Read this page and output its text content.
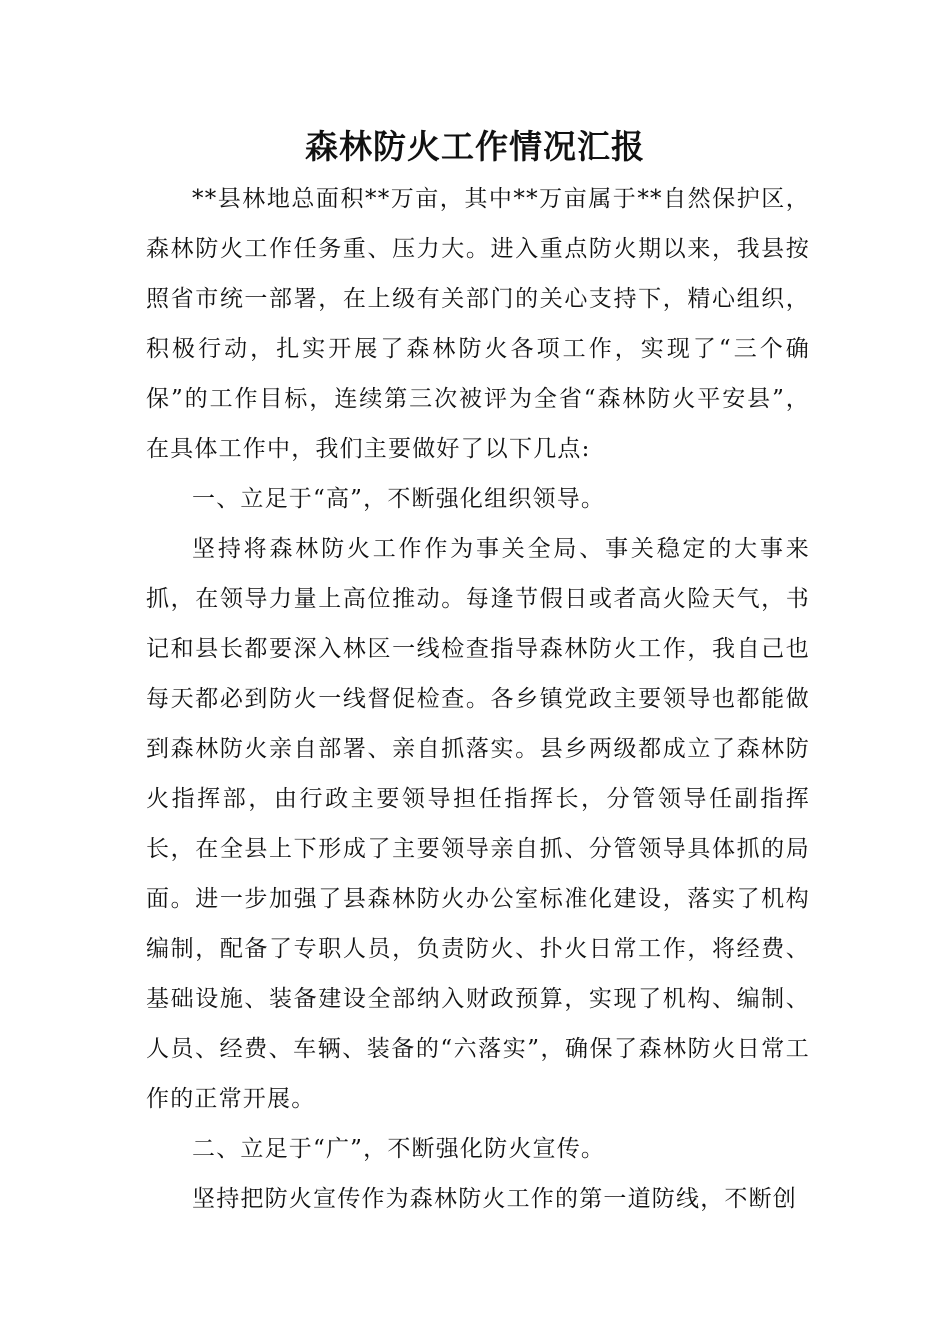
森林防火工作情况汇报

**县林地总面积**万亩，其中**万亩属于**自然保护区，森林防火工作任务重、压力大。进入重点防火期以来，我县按照省市统一部署，在上级有关部门的关心支持下，精心组织，积极行动，扎实开展了森林防火各项工作，实现了“三个确保”的工作目标，连续第三次被评为全省“森林防火平安县”，在具体工作中，我们主要做好了以下几点:

一、立足于“高”，不断强化组织领导。

坚持将森林防火工作作为事关全局、事关稳定的大事来抓，在领导力量上高位推动。每逢节假日或者高火险天气，书记和县长都要深入林区一线检查指导森林防火工作，我自己也每天都必到防火一线督促检查。各乡镇党政主要领导也都能做到森林防火亲自部署、亲自抓落实。县乡两级都成立了森林防火指挥部，由行政主要领导担任指挥长，分管领导任副指挥长，在全县上下形成了主要领导亲自抓、分管领导具体抓的局面。进一步加强了县森林防火办公室标准化建设，落实了机构编制，配备了专职人员，负责防火、扑火日常工作，将经费、基础设施、装备建设全部纳入财政预算，实现了机构、编制、人员、经费、车辆、装备的“六落实”，确保了森林防火日常工作的正常开展。

二、立足于“广”，不断强化防火宣传。

坚持把防火宣传作为森林防火工作的第一道防线，不断创
